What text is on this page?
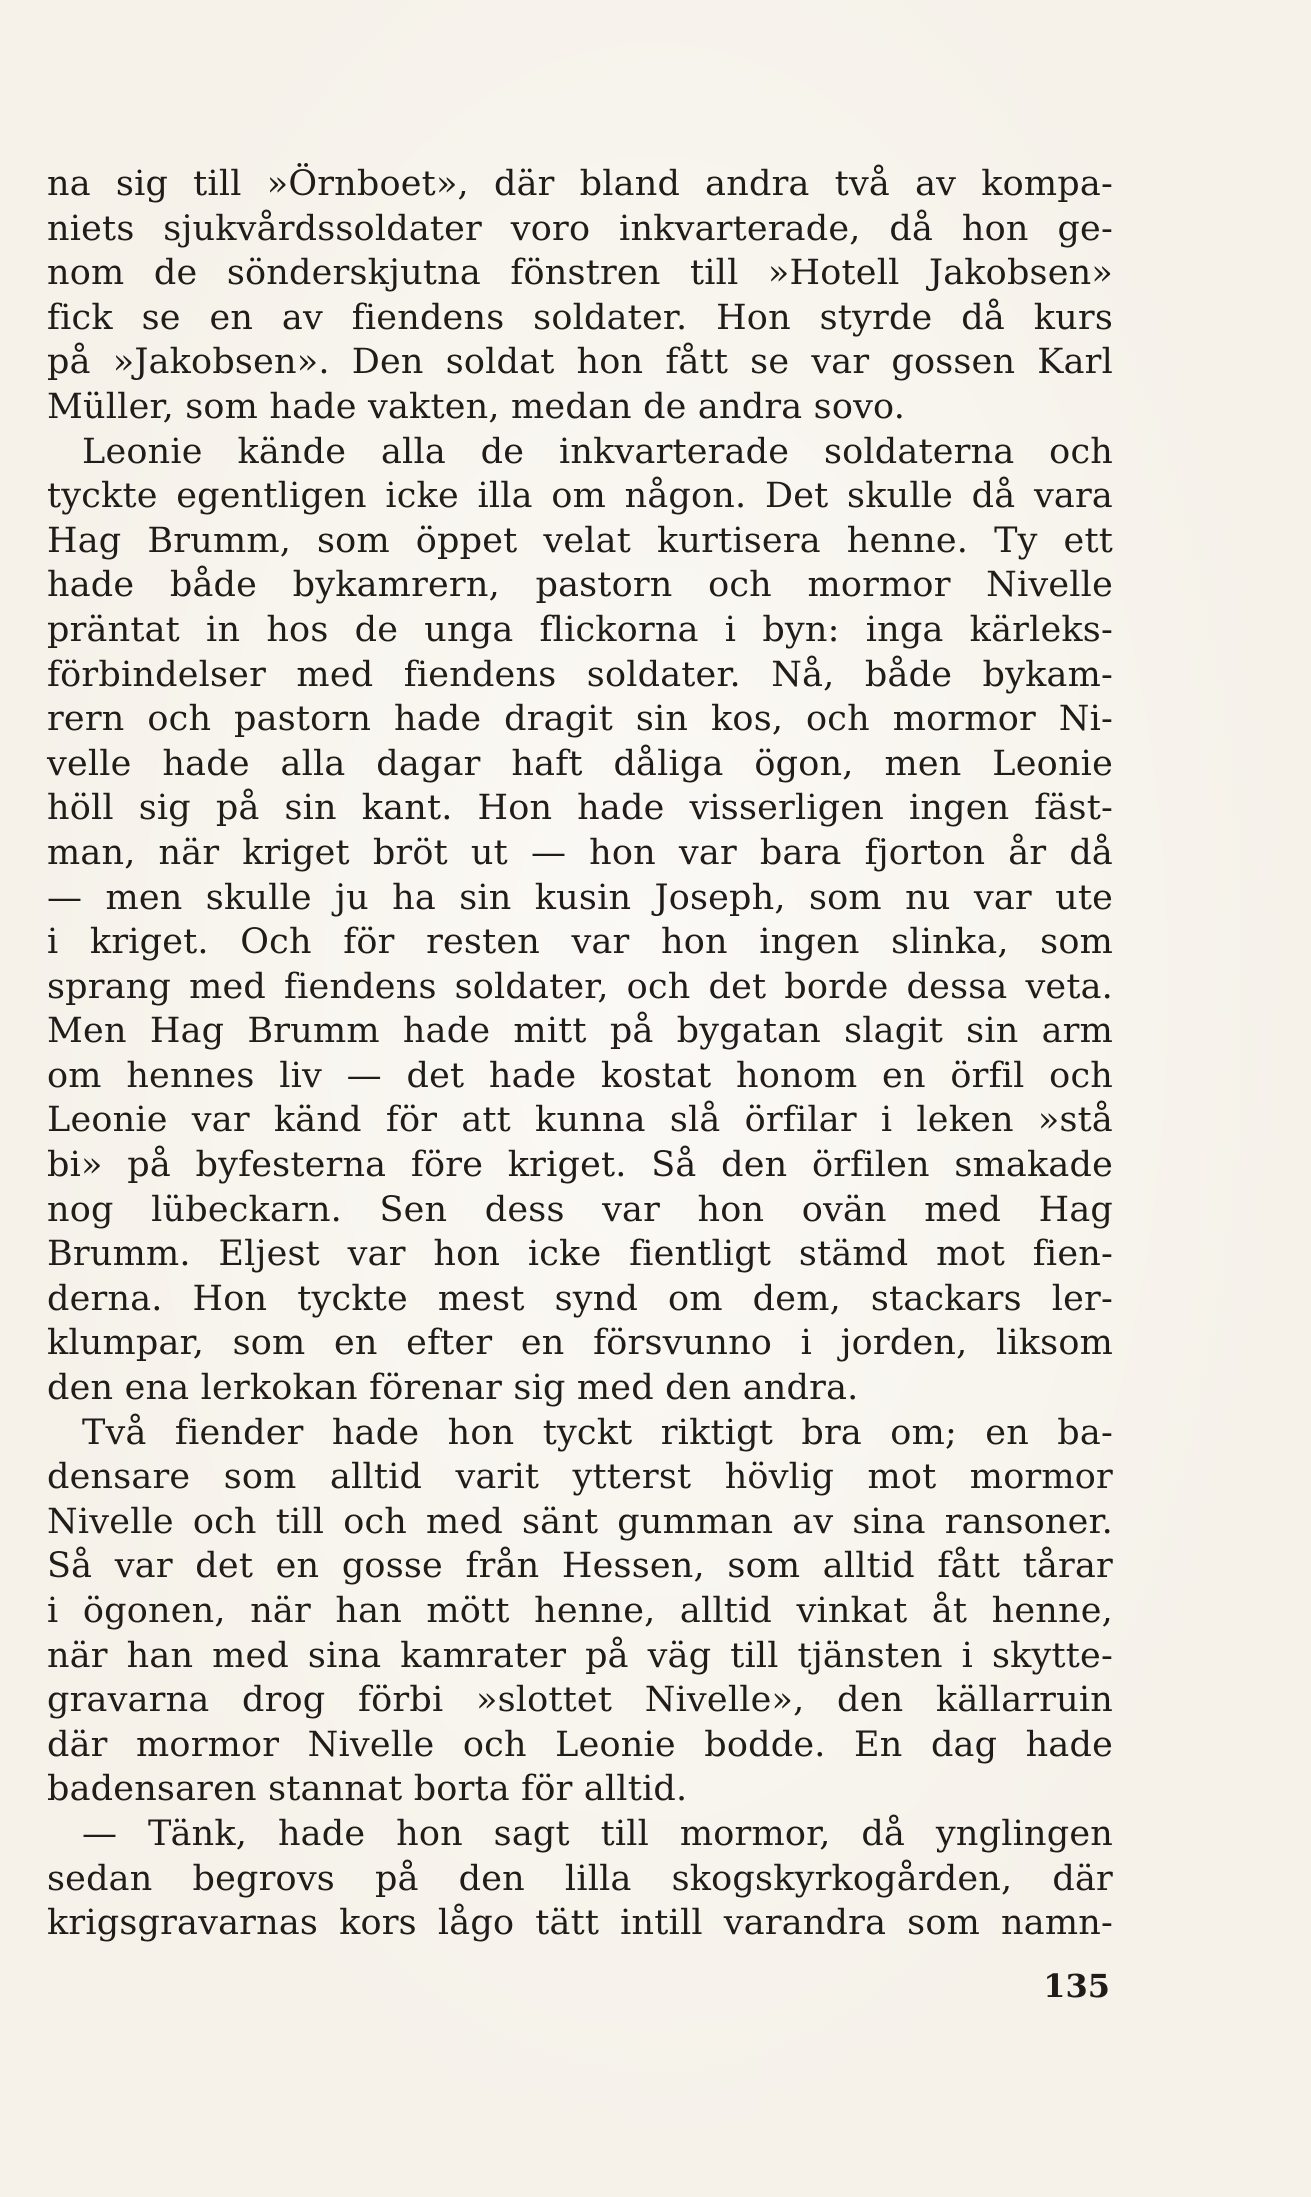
na sig till »Örnboet», där bland andra två av kompa-
niets sjukvårdssoldater voro inkvarterade, då hon ge-
nom de sönderskjutna fönstren till »Hotell Jakobsen»
fick se en av fiendens soldater. Hon styrde då kurs
på »Jakobsen». Den soldat hon fått se var gossen Karl
Müller, som hade vakten, medan de andra sovo.
Leonie kände alla de inkvarterade soldaterna och
tyckte egentligen icke illa om någon. Det skulle då vara
Hag Brumm, som öppet velat kurtisera henne. Ty ett
hade både bykamrern, pastorn och mormor Nivelle
präntat in hos de unga flickorna i byn: inga kärleks-
förbindelser med fiendens soldater. Nå, både bykam-
rern och pastorn hade dragit sin kos, och mormor Ni-
velle hade alla dagar haft dåliga ögon, men Leonie
höll sig på sin kant. Hon hade visserligen ingen fäst-
man, när kriget bröt ut — hon var bara fjorton år då
— men skulle ju ha sin kusin Joseph, som nu var ute
i kriget. Och för resten var hon ingen slinka, som
sprang med fiendens soldater, och det borde dessa veta.
Men Hag Brumm hade mitt på bygatan slagit sin arm
om hennes liv — det hade kostat honom en örfil och
Leonie var känd för att kunna slå örfilar i leken »stå
bi» på byfesterna före kriget. Så den örfilen smakade
nog lübeckarn. Sen dess var hon ovän med Hag
Brumm. Eljest var hon icke fientligt stämd mot fien-
derna. Hon tyckte mest synd om dem, stackars ler-
klumpar, som en efter en försvunno i jorden, liksom
den ena lerkokan förenar sig med den andra.
Två fiender hade hon tyckt riktigt bra om; en ba-
densare som alltid varit ytterst hövlig mot mormor
Nivelle och till och med sänt gumman av sina ransoner.
Så var det en gosse från Hessen, som alltid fått tårar
i ögonen, när han mött henne, alltid vinkat åt henne,
när han med sina kamrater på väg till tjänsten i skytte-
gravarna drog förbi »slottet Nivelle», den källarruin
där mormor Nivelle och Leonie bodde. En dag hade
badensaren stannat borta för alltid.
— Tänk, hade hon sagt till mormor, då ynglingen
sedan begrovs på den lilla skogskyrkogården, där
krigsgravarnas kors lågo tätt intill varandra som namn-
135
